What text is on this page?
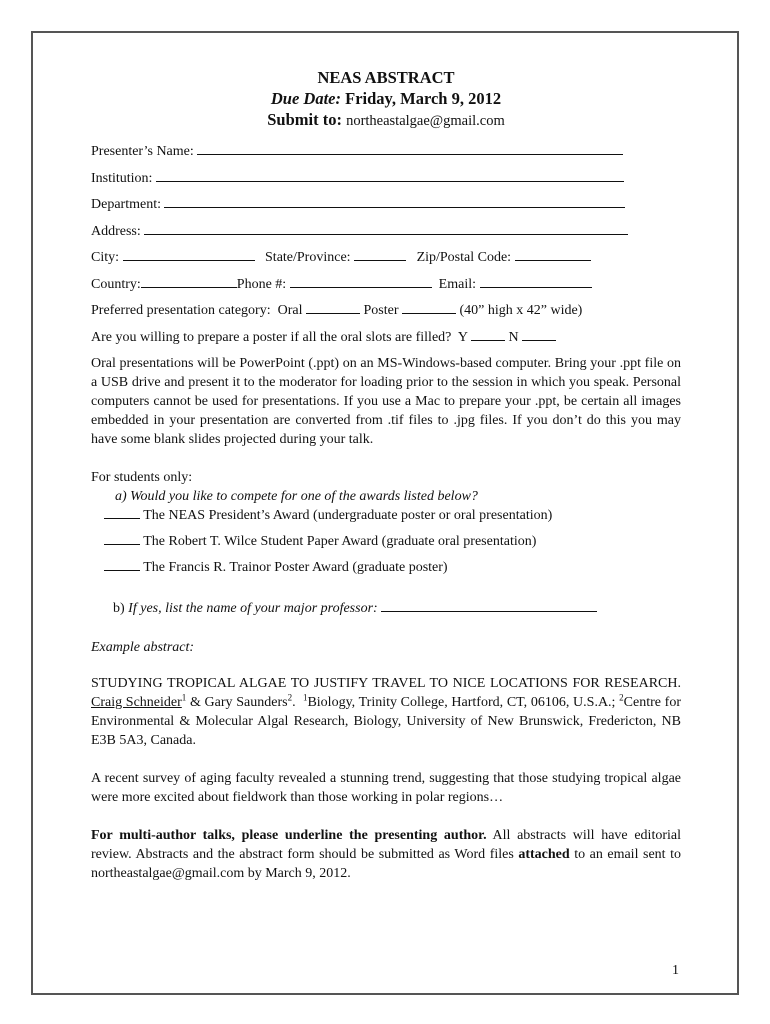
NEAS ABSTRACT
Due Date: Friday, March 9, 2012
Submit to: northeastalgae@gmail.com
Presenter’s Name:
Institution:
Department:
Address:
City:	State/Province:	Zip/Postal Code:
Country:	Phone #:	Email:
Preferred presentation category: Oral	Poster	(40” high x 42” wide)
Are you willing to prepare a poster if all the oral slots are filled? Y	N

Oral presentations will be PowerPoint (.ppt) on an MS-Windows-based computer. Bring your .ppt file on a USB drive and present it to the moderator for loading prior to the session in which you speak. Personal computers cannot be used for presentations. If you use a Mac to prepare your .ppt, be certain all images embedded in your presentation are converted from .tif files to .jpg files. If you don’t do this you may have some blank slides projected during your talk.

For students only:
a) Would you like to compete for one of the awards listed below?
The NEAS President’s Award (undergraduate poster or oral presentation)
The Robert T. Wilce Student Paper Award (graduate oral presentation)
The Francis R. Trainor Poster Award (graduate poster)
b) If yes, list the name of your major professor:
Example abstract:

STUDYING TROPICAL ALGAE TO JUSTIFY TRAVEL TO NICE LOCATIONS FOR RESEARCH. Craig Schneider$^1$ & Gary Saunders$^2$.  $^1$Biology, Trinity College, Hartford, CT, 06106, U.S.A.; $^2$Centre for Environmental & Molecular Algal Research, Biology, University of New Brunswick, Fredericton, NB E3B 5A3, Canada.

A recent survey of aging faculty revealed a stunning trend, suggesting that those studying tropical algae were more excited about fieldwork than those working in polar regions…

For multi-author talks, please underline the presenting author. All abstracts will have editorial review. Abstracts and the abstract form should be submitted as Word files attached to an email sent to northeastalgae@gmail.com by March 9, 2012.

1
